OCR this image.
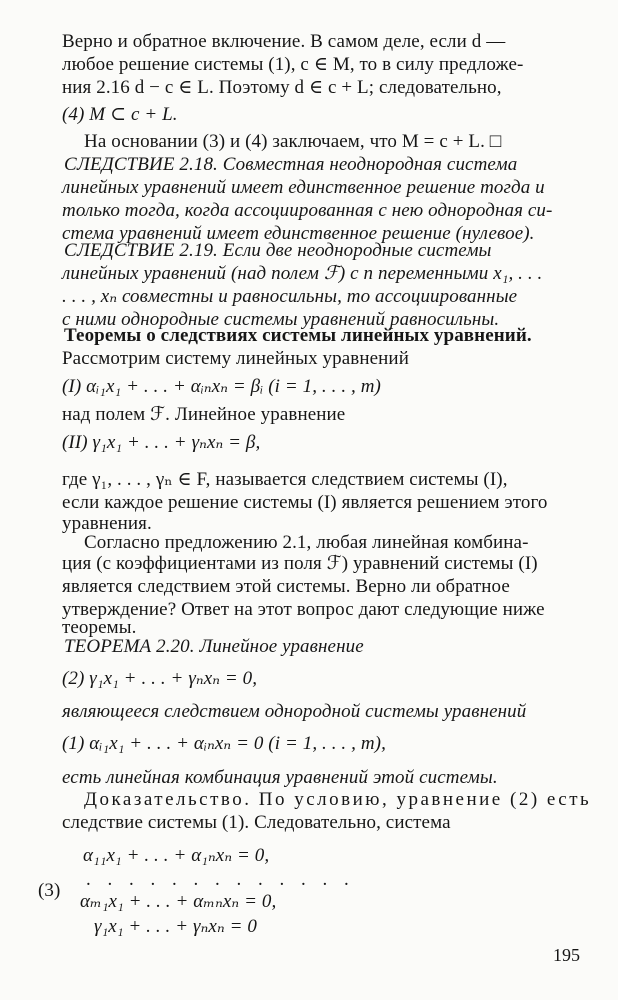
Верно и обратное включение. В самом деле, если d —
любое решение системы (1), c ∈ M, то в силу предложе-
ния 2.16 d − c ∈ L. Поэтому d ∈ c + L; следовательно,
(4) M ⊂ c + L.
На основании (3) и (4) заключаем, что M = c + L. □
СЛЕДСТВИЕ 2.18. Совместная неоднородная система
линейных уравнений имеет единственное решение тогда и
только тогда, когда ассоциированная с нею однородная си-
стема уравнений имеет единственное решение (нулевое).
СЛЕДСТВИЕ 2.19. Если две неоднородные системы
линейных уравнений (над полем ℱ) с n переменными x₁, . . .
. . . , xₙ совместны и равносильны, то ассоциированные
с ними однородные системы уравнений равносильны.
Теоремы о следствиях системы линейных уравнений.
Рассмотрим систему линейных уравнений
(I) αᵢ₁x₁ + . . . + αᵢₙxₙ = βᵢ (i = 1, . . . , m)
над полем ℱ. Линейное уравнение
(II) γ₁x₁ + . . . + γₙxₙ = β,
где γ₁, . . . , γₙ ∈ F, называется следствием системы (I),
если каждое решение системы (I) является решением этого
уравнения.
Согласно предложению 2.1, любая линейная комбина-
ция (с коэффициентами из поля ℱ) уравнений системы (I)
является следствием этой системы. Верно ли обратное
утверждение? Ответ на этот вопрос дают следующие ниже
теоремы.
ТЕОРЕМА 2.20. Линейное уравнение
(2) γ₁x₁ + . . . + γₙxₙ = 0,
являющееся следствием однородной системы уравнений
(1) αᵢ₁x₁ + . . . + αᵢₙxₙ = 0 (i = 1, . . . , m),
есть линейная комбинация уравнений этой системы.
Доказательство. По условию, уравнение (2) есть
следствие системы (1). Следовательно, система
α₁₁x₁ + . . . + α₁ₙxₙ = 0,
. . . . . . . . . . . . .
αₘ₁x₁ + . . . + αₘₙxₙ = 0,
γ₁x₁ + . . . + γₙxₙ = 0
(3)
195
